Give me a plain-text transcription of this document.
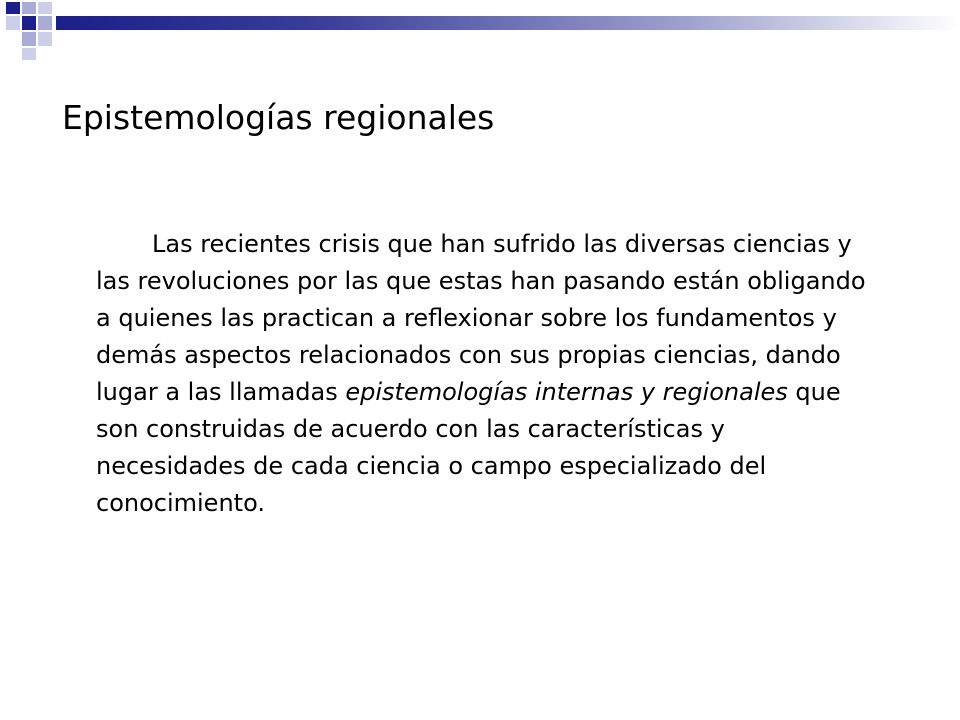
Epistemologías regionales

Las recientes crisis que han sufrido las diversas ciencias y las revoluciones por las que estas han pasando están obligando a quienes las practican a reflexionar sobre los fundamentos y demás aspectos relacionados con sus propias ciencias, dando lugar a las llamadas epistemologías internas y regionales que son construidas de acuerdo con las características y necesidades de cada ciencia o campo especializado del conocimiento.
